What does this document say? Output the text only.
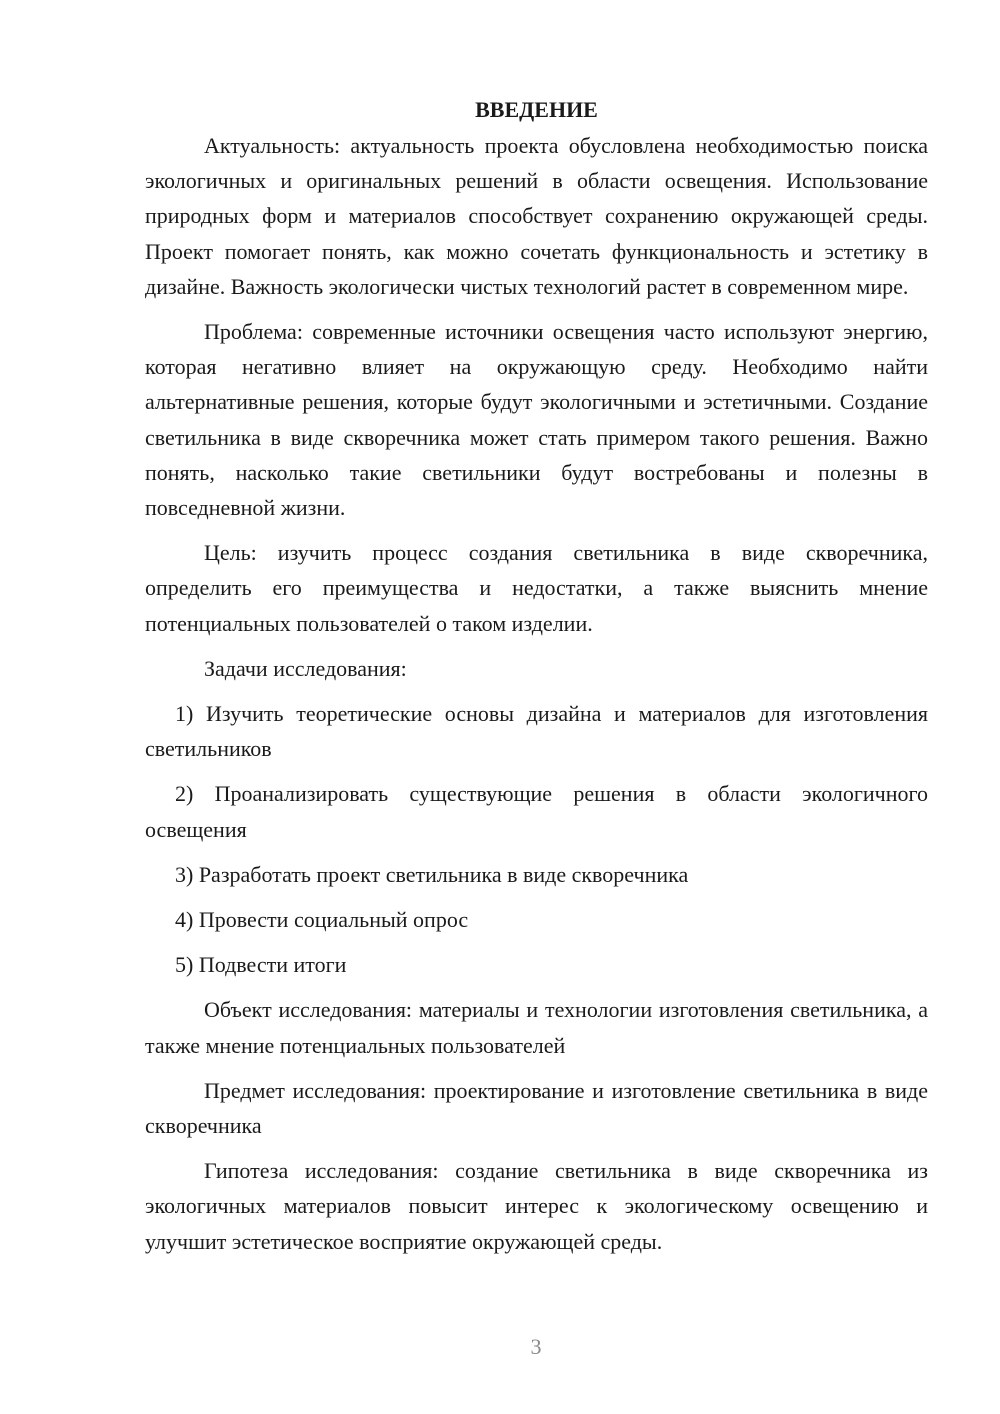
ВВЕДЕНИЕ

Актуальность: актуальность проекта обусловлена необходимостью поиска экологичных и оригинальных решений в области освещения. Использование природных форм и материалов способствует сохранению окружающей среды. Проект помогает понять, как можно сочетать функциональность и эстетику в дизайне. Важность экологически чистых технологий растет в современном мире.

Проблема: современные источники освещения часто используют энергию, которая негативно влияет на окружающую среду. Необходимо найти альтернативные решения, которые будут экологичными и эстетичными. Создание светильника в виде скворечника может стать примером такого решения. Важно понять, насколько такие светильники будут востребованы и полезны в повседневной жизни.

Цель: изучить процесс создания светильника в виде скворечника, определить его преимущества и недостатки, а также выяснить мнение потенциальных пользователей о таком изделии.

Задачи исследования:

1) Изучить теоретические основы дизайна и материалов для изготовления светильников

2) Проанализировать существующие решения в области экологичного освещения

3) Разработать проект светильника в виде скворечника

4) Провести социальный опрос

5) Подвести итоги

Объект исследования: материалы и технологии изготовления светильника, а также мнение потенциальных пользователей

Предмет исследования: проектирование и изготовление светильника в виде скворечника

Гипотеза исследования: создание светильника в виде скворечника из экологичных материалов повысит интерес к экологическому освещению и улучшит эстетическое восприятие окружающей среды.

3
